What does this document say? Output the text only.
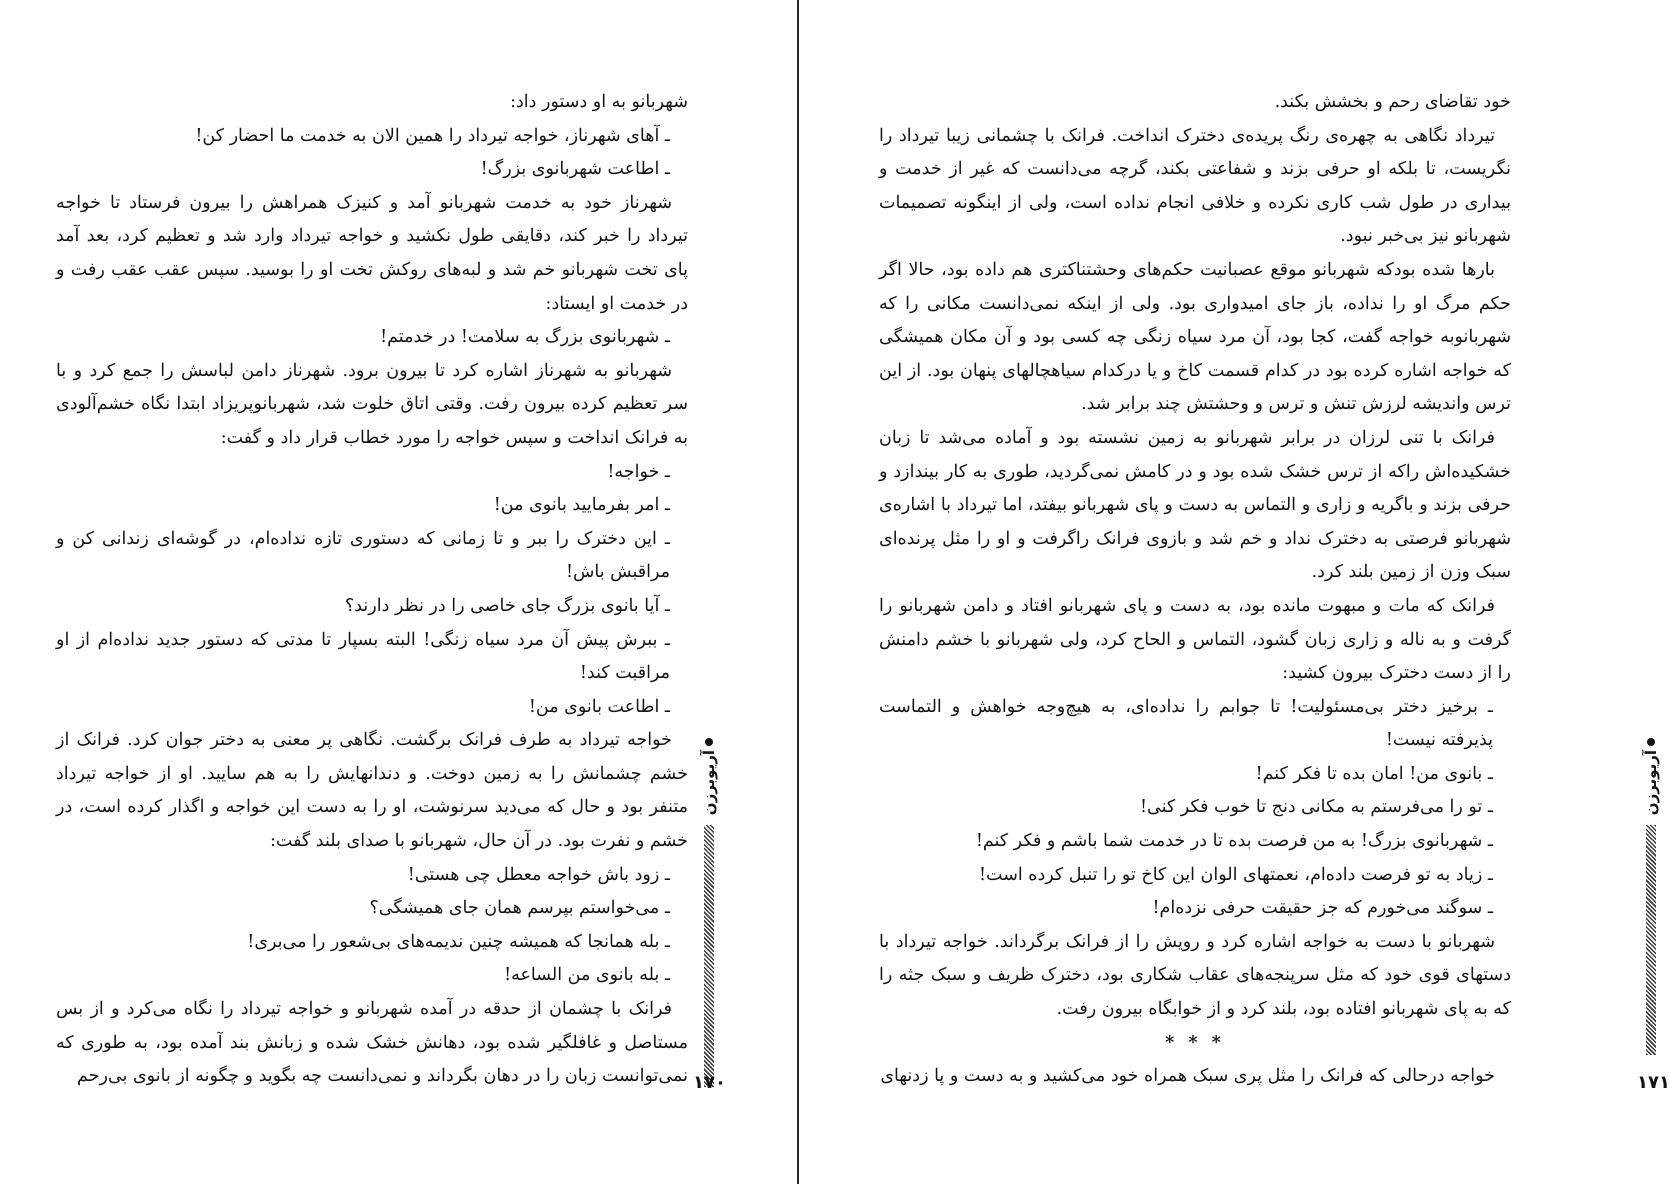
شهربانو به او دستور داد:

ـ آهای شهرناز، خواجه تیرداد را همین الان به خدمت ما احضار کن!

ـ اطاعت شهربانوی بزرگ!

شهرناز خود به خدمت شهربانو آمد و کنیزک همراهش را بیرون فرستاد تا خواجه تیرداد را خبر کند، دقایقی طول نکشید و خواجه تیرداد وارد شد و تعظیم کرد، بعد آمد پای تخت شهربانو خم شد و لبه‌های روکش تخت او را بوسید. سپس عقب عقب رفت و در خدمت او ایستاد:

ـ شهربانوی بزرگ به سلامت! در خدمتم!

شهربانو به شهرناز اشاره کرد تا بیرون برود. شهرناز دامن لباسش را جمع کرد و با سر تعظیم کرده بیرون رفت. وقتی اتاق خلوت شد، شهربانوپریزاد ابتدا نگاه خشم‌آلودی به فرانک انداخت و سپس خواجه را مورد خطاب قرار داد و گفت:

ـ خواجه!

ـ امر بفرمایید بانوی من!

ـ این دخترک را ببر و تا زمانی که دستوری تازه نداده‌ام، در گوشه‌ای زندانی کن و مراقبش باش!

ـ آیا بانوی بزرگ جای خاصی را در نظر دارند؟

ـ ببرش پیش آن مرد سیاه زنگی! البته بسپار تا مدتی که دستور جدید نداده‌ام از او مراقبت کند!

ـ اطاعت بانوی من!

خواجه تیرداد به طرف فرانک برگشت. نگاهی پر معنی به دختر جوان کرد. فرانک از خشم چشمانش را به زمین دوخت. و دندانهایش را به هم سایید. او از خواجه تیرداد متنفر بود و حال که می‌دید سرنوشت، او را به دست این خواجه و اگذار کرده است، در خشم و نفرت بود. در آن حال، شهربانو با صدای بلند گفت:

ـ زود باش خواجه معطل چی هستی!

ـ می‌خواستم بپرسم همان جای همیشگی؟

ـ بله همانجا که همیشه چنین ندیمه‌های بی‌شعور را می‌بری!

ـ بله بانوی من الساعه!

فرانک با چشمان از حدقه در آمده شهربانو و خواجه تیرداد را نگاه می‌کرد و از بس مستاصل و غافلگیر شده بود، دهانش خشک شده و زبانش بند آمده بود، به طوری که نمی‌توانست زبان را در دهان بگرداند و نمی‌دانست چه بگوید و چگونه از بانوی بی‌رحم

آریوبرزن
۱۷۰

خود تقاضای رحم و بخشش بکند.

تیرداد نگاهی به چهره‌ی رنگ پریده‌ی دخترک انداخت. فرانک با چشمانی زیبا تیرداد را نگریست، تا بلکه او حرفی بزند و شفاعتی بکند، گرچه می‌دانست که غیر از خدمت و بیداری در طول شب کاری نکرده و خلافی انجام نداده است، ولی از اینگونه تصمیمات شهربانو نیز بی‌خبر نبود.

بارها شده بودکه شهربانو موقع عصبانیت حکم‌های وحشتناکتری هم داده بود، حالا اگر حکم مرگ او را نداده، باز جای امیدواری بود. ولی از اینکه نمی‌دانست مکانی را که شهربانوبه خواجه گفت، کجا بود، آن مرد سیاه زنگی چه کسی بود و آن مکان همیشگی که خواجه اشاره کرده بود در کدام قسمت کاخ و یا درکدام سیاهچالهای پنهان بود. از این ترس واندیشه لرزش تنش و ترس و وحشتش چند برابر شد.

فرانک با تنی لرزان در برابر شهربانو به زمین نشسته بود و آماده می‌شد تا زبان خشکیده‌اش راکه از ترس خشک شده بود و در کامش نمی‌گردید، طوری به کار بیندازد و حرفی بزند و باگریه و زاری و التماس به دست و پای شهربانو بیفتد، اما تیرداد با اشاره‌ی شهربانو فرصتی به دخترک نداد و خم شد و بازوی فرانک راگرفت و او را مثل پرنده‌ای سبک وزن از زمین بلند کرد.

فرانک که مات و مبهوت مانده بود، به دست و پای شهربانو افتاد و دامن شهربانو را گرفت و به ناله و زاری زبان گشود، التماس و الحاح کرد، ولی شهربانو با خشم دامنش را از دست دخترک بیرون کشید:

ـ برخیز دختر بی‌مسئولیت! تا جوابم را نداده‌ای، به هیچ‌وجه خواهش و التماست پذیرفته نیست!

ـ بانوی من! امان بده تا فکر کنم!

ـ تو را می‌فرستم به مکانی دنج تا خوب فکر کنی!

ـ شهربانوی بزرگ! به من فرصت بده تا در خدمت شما باشم و فکر کنم!

ـ زیاد به تو فرصت داده‌ام، نعمتهای الوان این کاخ تو را تنبل کرده است!

ـ سوگند می‌خورم که جز حقیقت حرفی نزده‌ام!

شهربانو با دست به خواجه اشاره کرد و رویش را از فرانک برگرداند. خواجه تیرداد با دستهای قوی خود که مثل سرپنجه‌های عقاب شکاری بود، دخترک ظریف و سبک جثه را که به پای شهربانو افتاده بود، بلند کرد و از خوابگاه بیرون رفت.

* * *

خواجه درحالی که فرانک را مثل پری سبک همراه خود می‌کشید و به دست و پا زدنهای

آریوبرزن
۱۷۱
